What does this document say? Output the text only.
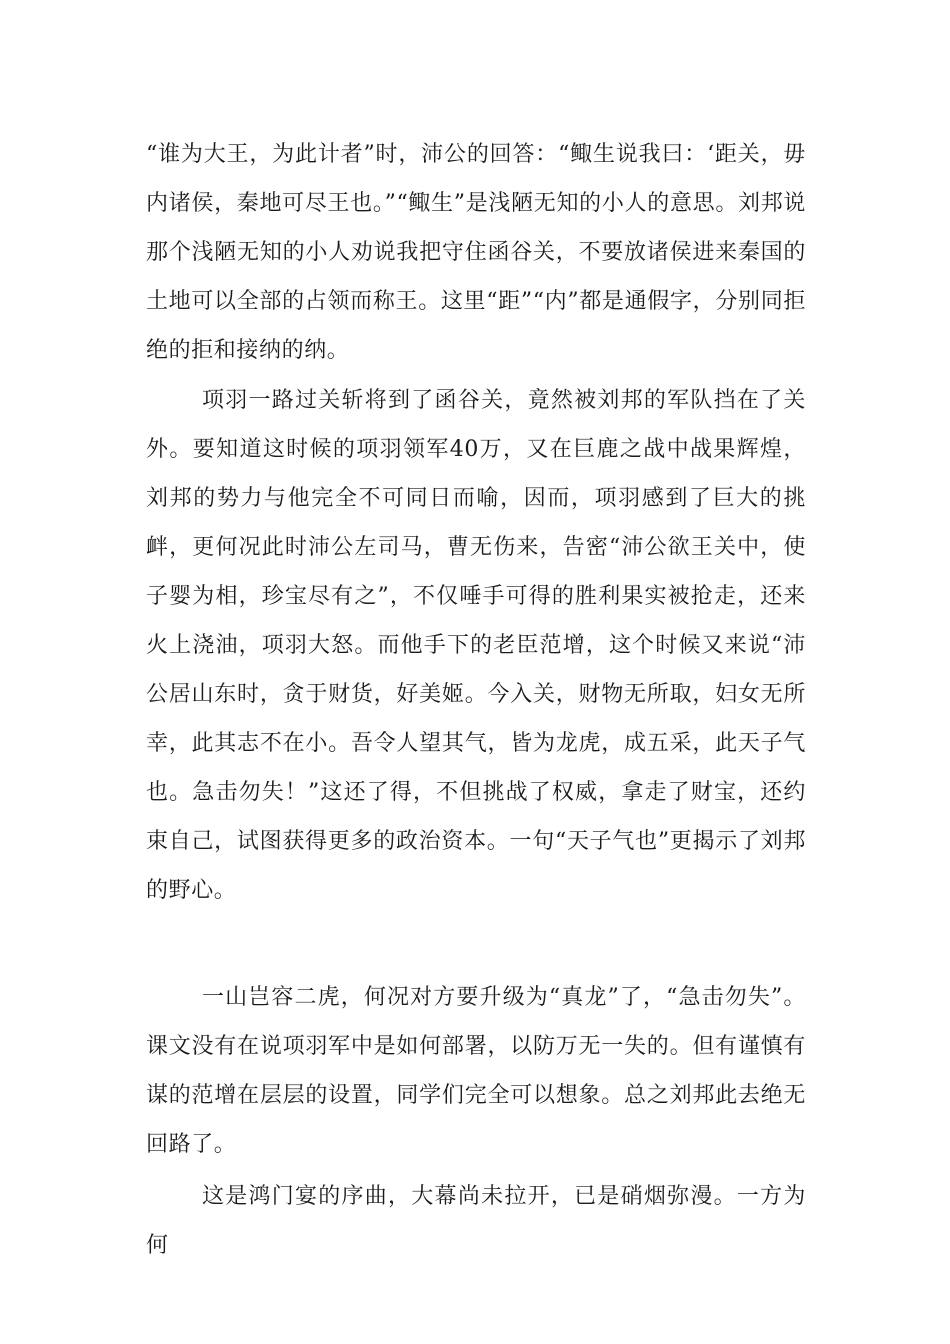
“谁为大王，为此计者”时，沛公的回答：“鲰生说我曰：‘距关，毋内诸侯，秦地可尽王也。”“鲰生”是浅陋无知的小人的意思。刘邦说那个浅陋无知的小人劝说我把守住函谷关，不要放诸侯进来秦国的土地可以全部的占领而称王。这里“距”“内”都是通假字，分别同拒绝的拒和接纳的纳。

项羽一路过关斩将到了函谷关，竟然被刘邦的军队挡在了关外。要知道这时候的项羽领军40万，又在巨鹿之战中战果辉煌，刘邦的势力与他完全不可同日而喻，因而，项羽感到了巨大的挑衅，更何况此时沛公左司马，曹无伤来，告密“沛公欲王关中，使子婴为相，珍宝尽有之”，不仅唾手可得的胜利果实被抢走，还来火上浇油，项羽大怒。而他手下的老臣范增，这个时候又来说“沛公居山东时，贪于财货，好美姬。今入关，财物无所取，妇女无所幸，此其志不在小。吾令人望其气，皆为龙虎，成五采，此天子气也。急击勿失！”这还了得，不但挑战了权威，拿走了财宝，还约束自己，试图获得更多的政治资本。一句“天子气也”更揭示了刘邦的野心。

一山岂容二虎，何况对方要升级为“真龙”了，“急击勿失”。课文没有在说项羽军中是如何部署，以防万无一失的。但有谨慎有谋的范增在层层的设置，同学们完全可以想象。总之刘邦此去绝无回路了。

这是鸿门宴的序曲，大幕尚未拉开，已是硝烟弥漫。一方为何
